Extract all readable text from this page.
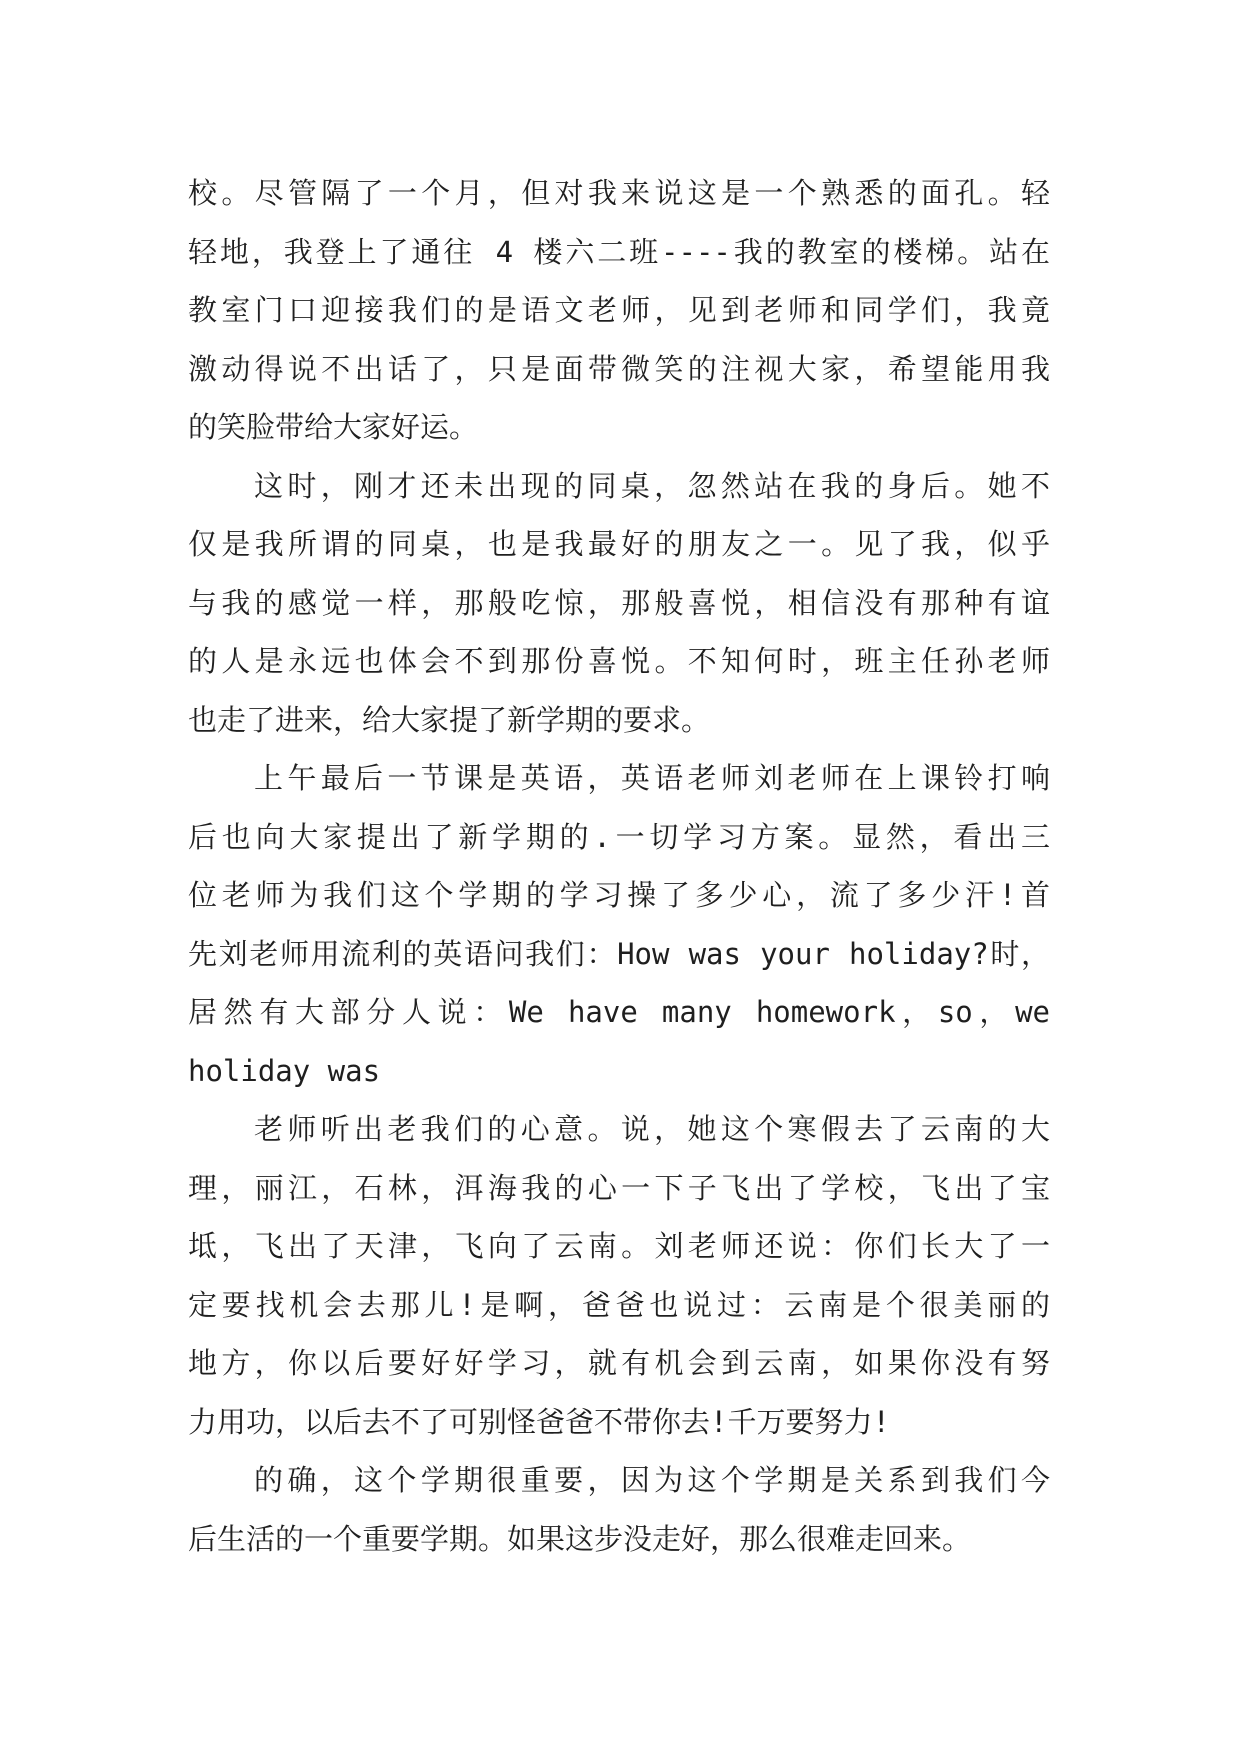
校。尽管隔了一个月，但对我来说这是一个熟悉的面孔。轻
轻地，我登上了通往 4 楼六二班----我的教室的楼梯。站在
教室门口迎接我们的是语文老师，见到老师和同学们，我竟
激动得说不出话了，只是面带微笑的注视大家，希望能用我
的笑脸带给大家好运。
这时，刚才还未出现的同桌，忽然站在我的身后。她不
仅是我所谓的同桌，也是我最好的朋友之一。见了我，似乎
与我的感觉一样，那般吃惊，那般喜悦，相信没有那种有谊
的人是永远也体会不到那份喜悦。不知何时，班主任孙老师
也走了进来，给大家提了新学期的要求。
上午最后一节课是英语，英语老师刘老师在上课铃打响
后也向大家提出了新学期的.一切学习方案。显然，看出三
位老师为我们这个学期的学习操了多少心，流了多少汗!首
先刘老师用流利的英语问我们：How was your holiday?时，
居然有大部分人说：We have many homework，so，we
holiday was
老师听出老我们的心意。说，她这个寒假去了云南的大
理，丽江，石林，洱海我的心一下子飞出了学校，飞出了宝
坻，飞出了天津，飞向了云南。刘老师还说：你们长大了一
定要找机会去那儿!是啊，爸爸也说过：云南是个很美丽的
地方，你以后要好好学习，就有机会到云南，如果你没有努
力用功，以后去不了可别怪爸爸不带你去!千万要努力!
的确，这个学期很重要，因为这个学期是关系到我们今
后生活的一个重要学期。如果这步没走好，那么很难走回来。
